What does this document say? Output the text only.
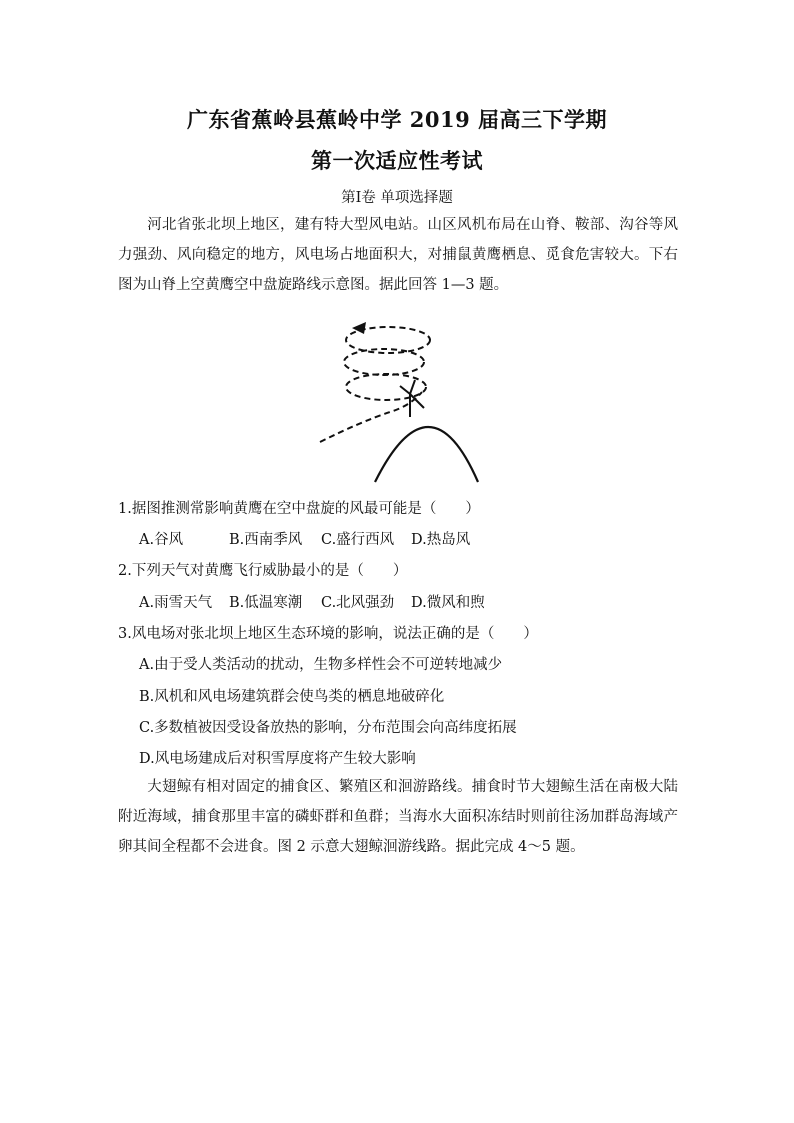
广东省蕉岭县蕉岭中学 2019 届高三下学期
第一次适应性考试
第Ⅰ卷 单项选择题
河北省张北坝上地区，建有特大型风电站。山区风机布局在山脊、鞍部、沟谷等风力强劲、风向稳定的地方，风电场占地面积大，对捕鼠黄鹰栖息、觅食危害较大。下右图为山脊上空黄鹰空中盘旋路线示意图。据此回答 1—3 题。
1.据图推测常影响黄鹰在空中盘旋的风最可能是（　　）
A.谷风	B.西南季风 C.盛行西风 D.热岛风
2.下列天气对黄鹰飞行威胁最小的是（　　）
A.雨雪天气 B.低温寒潮 C.北风强劲 D.微风和煦
3.风电场对张北坝上地区生态环境的影响，说法正确的是（　　）
A.由于受人类活动的扰动，生物多样性会不可逆转地减少
B.风机和风电场建筑群会使鸟类的栖息地破碎化
C.多数植被因受设备放热的影响，分布范围会向高纬度拓展
D.风电场建成后对积雪厚度将产生较大影响
大翅鲸有相对固定的捕食区、繁殖区和洄游路线。捕食时节大翅鲸生活在南极大陆附近海域，捕食那里丰富的磷虾群和鱼群；当海水大面积冻结时则前往汤加群岛海域产卵其间全程都不会进食。图 2 示意大翅鲸洄游线路。据此完成 4～5 题。
